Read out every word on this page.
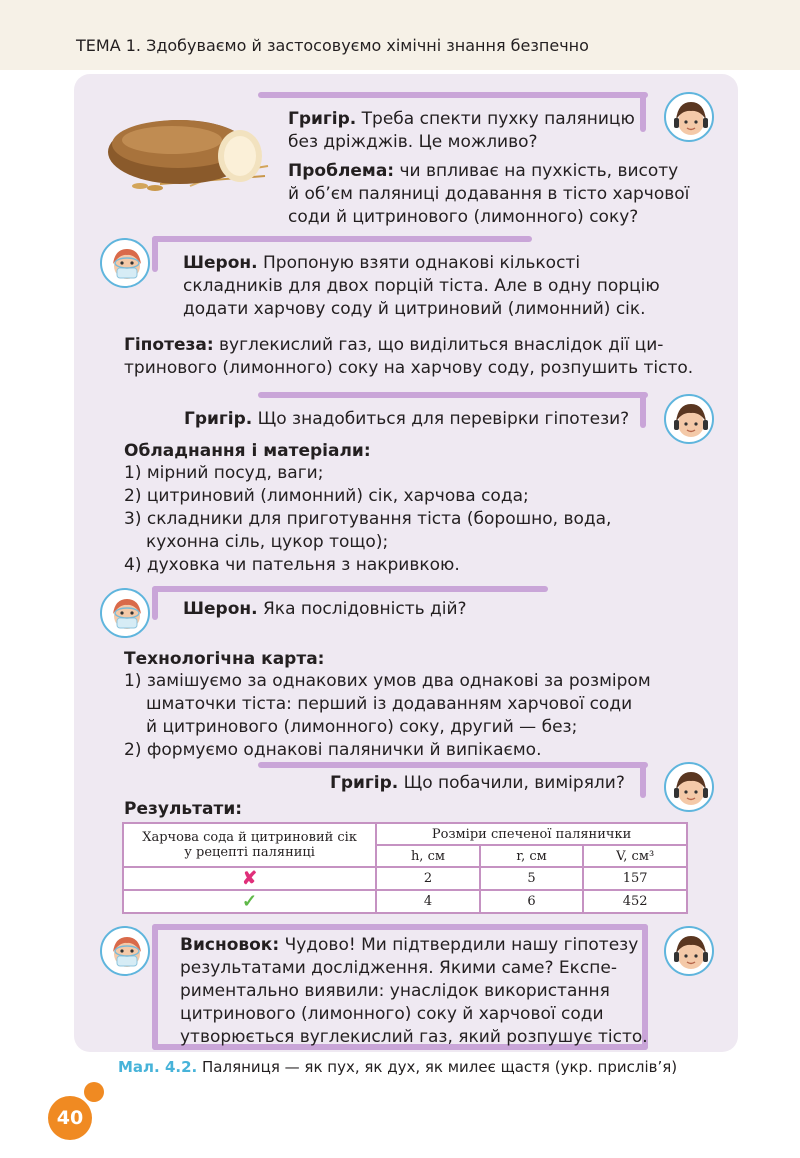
ТЕМА 1. Здобуваємо й застосовуємо хімічні знання безпечно
Григір. Треба спекти пухку паляницю
без дріжджів. Це можливо?
Проблема: чи впливає на пухкість, висоту
й об’єм паляниці додавання в тісто харчової
соди й цитринового (лимонного) соку?
Шерон. Пропоную взяти однакові кількості
складників для двох порцій тіста. Але в одну порцію
додати харчову соду й цитриновий (лимонний) сік.
Гіпотеза: вуглекислий газ, що виділиться внаслідок дії ци-
тринового (лимонного) соку на харчову соду, розпушить тісто.
Григір. Що знадобиться для перевірки гіпотези?
Обладнання і матеріали:
1) мірний посуд, ваги;
2) цитриновий (лимонний) сік, харчова сода;
3) складники для приготування тіста (борошно, вода,
кухонна сіль, цукор тощо);
4) духовка чи пательня з накривкою.
Шерон. Яка послідовність дій?
Технологічна карта:
1) замішуємо за однакових умов два однакові за розміром
шматочки тіста: перший із додаванням харчової соди
й цитринового (лимонного) соку, другий — без;
2) формуємо однакові палянички й випікаємо.
Григір. Що побачили, виміряли?
Результати:
Харчова сода й цитриновий сік
у рецепті паляниці	Розміри спеченої палянички		
	h, см	r, см	V, см³
✘	2	5	157
✓	4	6	452
Висновок: Чудово! Ми підтвердили нашу гіпотезу
результатами дослідження. Якими саме? Експе-
риментально виявили: унаслідок використання
цитринового (лимонного) соку й харчової соди
утворюється вуглекислий газ, який розпушує тісто.
Мал. 4.2. Паляниця — як пух, як дух, як милеє щастя (укр. прислів’я)
40
